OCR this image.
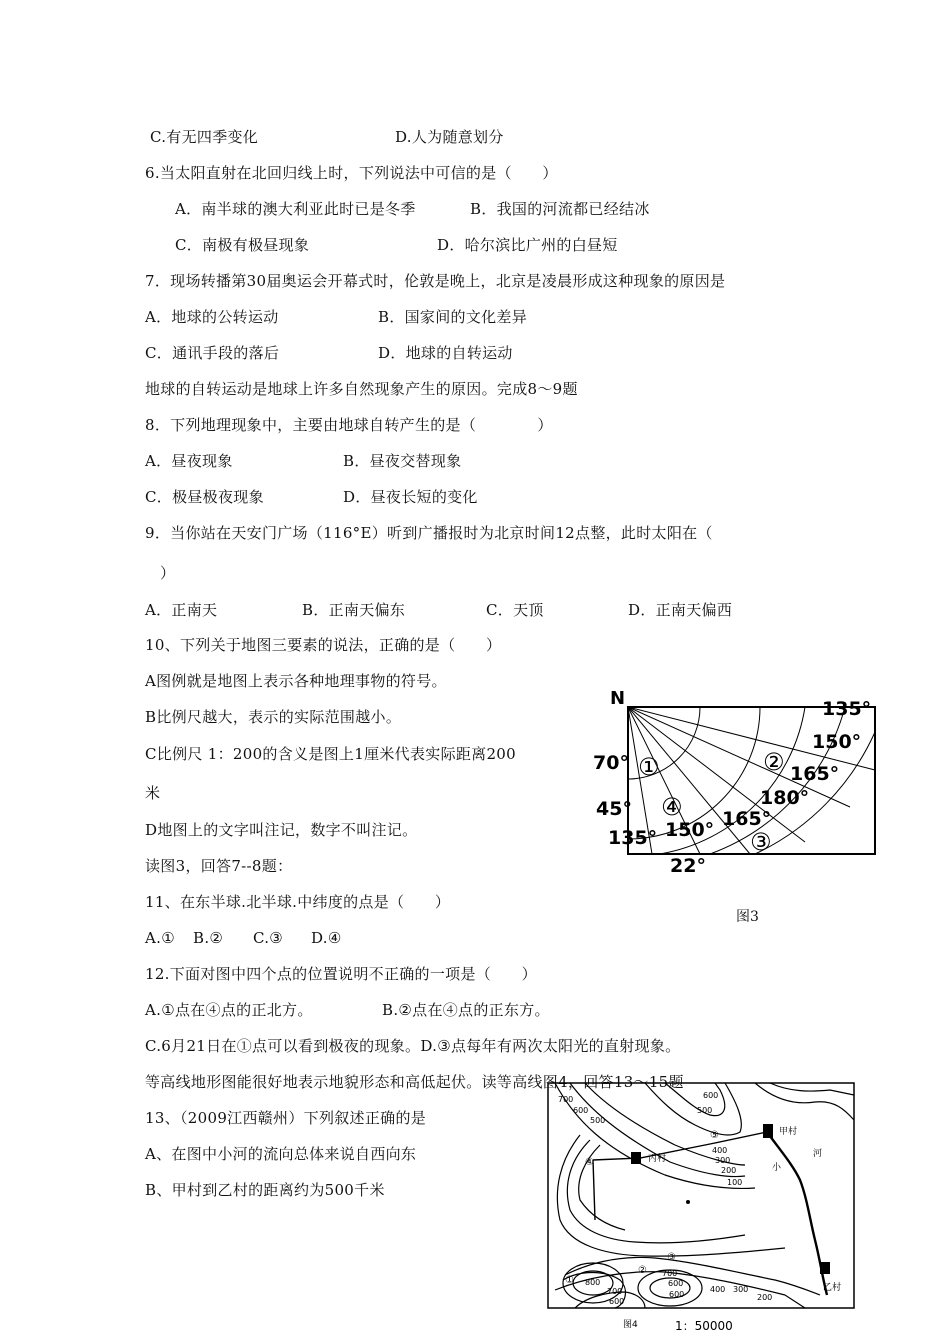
C.有无四季变化	D.人为随意划分
6.当太阳直射在北回归线上时，下列说法中可信的是（　　）
A．南半球的澳大利亚此时已是冬季	B．我国的河流都已经结冰
C．南极有极昼现象	D．哈尔滨比广州的白昼短
7．现场转播第30届奥运会开幕式时，伦敦是晚上，北京是凌晨形成这种现象的原因是
A．地球的公转运动	B．国家间的文化差异
C．通讯手段的落后	D．地球的自转运动
地球的自转运动是地球上许多自然现象产生的原因。完成8～9题
8．下列地理现象中，主要由地球自转产生的是（　　　　）
A．昼夜现象	B．昼夜交替现象
C．极昼极夜现象	D．昼夜长短的变化
9．当你站在天安门广场（116°E）听到广播报时为北京时间12点整，此时太阳在（
）
A．正南天	B．正南天偏东	C．天顶	D．正南天偏西
10、下列关于地图三要素的说法，正确的是（　　）
A图例就是地图上表示各种地理事物的符号。
B比例尺越大，表示的实际范围越小。
C比例尺 1：200的含义是图上1厘米代表实际距离200
米
D地图上的文字叫注记，数字不叫注记。
读图3，回答7--8题：
11、在东半球.北半球.中纬度的点是（　　）
A.① B.② C.③ D.④
12.下面对图中四个点的位置说明不正确的一项是（　　）
A.①点在④点的正北方。	B.②点在④点的正东方。
C.6月21日在①点可以看到极夜的现象。D.③点每年有两次太阳光的直射现象。
等高线地形图能很好地表示地貌形态和高低起伏。读等高线图4，回答13～15题
13、（2009江西赣州）下列叙述正确的是
A、在图中小河的流向总体来说自西向东
B、甲村到乙村的距离约为500千米
N	135°
150°
165°
180°
165°
150°
135°
70°
45°
22°
①	②
③
④
图3
甲村
乙村
丙村
小
河
700
600
500
600
500
400
300
200
100
700
600
800
700
600
600
400 300
200
①
②
③
④
⑤
图4	1：50000
